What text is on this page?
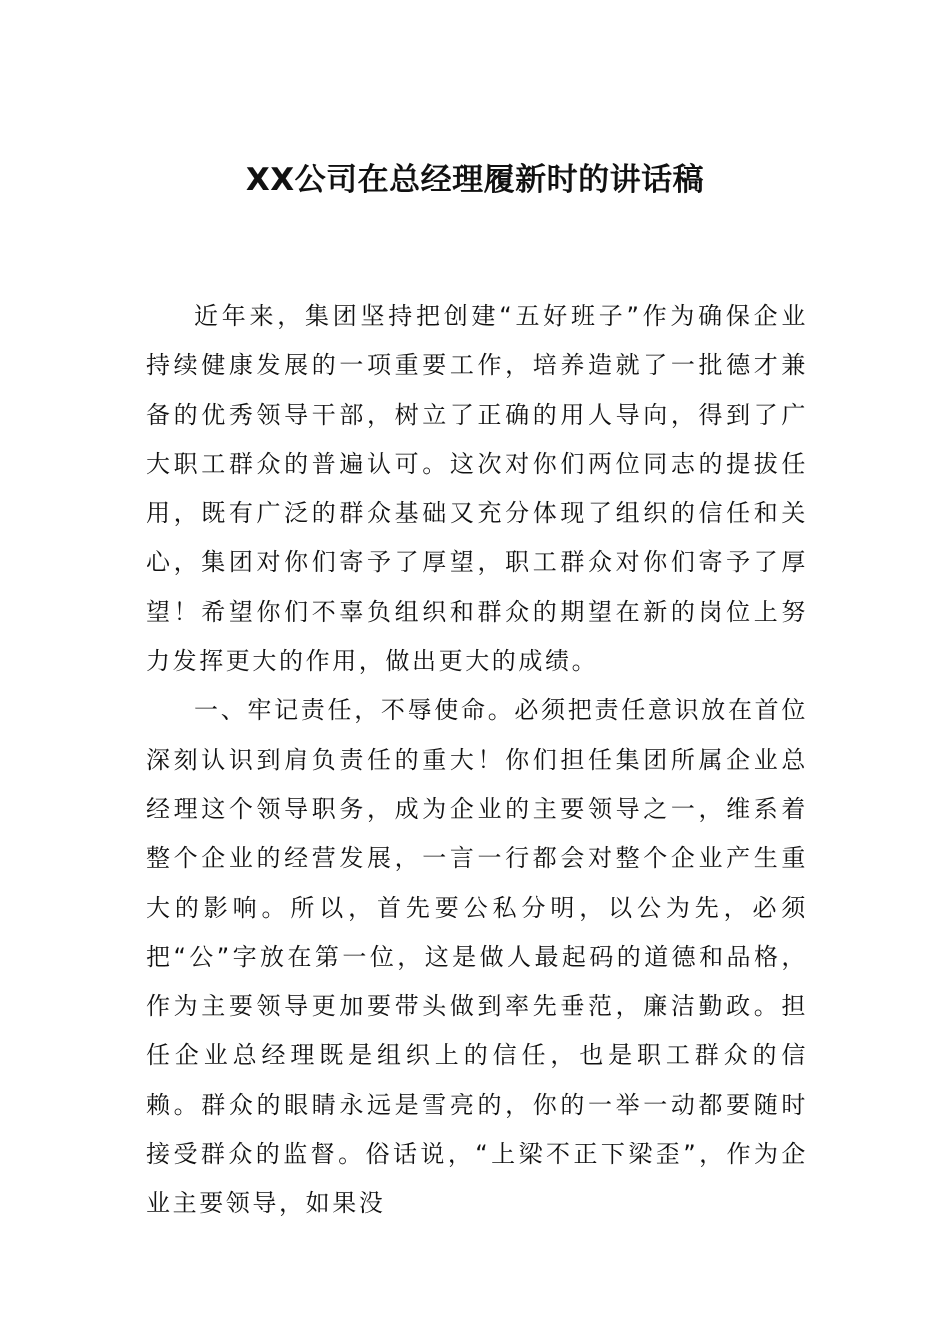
XX公司在总经理履新时的讲话稿

近年来，集团坚持把创建“五好班子”作为确保企业持续健康发展的一项重要工作，培养造就了一批德才兼备的优秀领导干部，树立了正确的用人导向，得到了广大职工群众的普遍认可。这次对你们两位同志的提拔任用，既有广泛的群众基础又充分体现了组织的信任和关心，集团对你们寄予了厚望，职工群众对你们寄予了厚望！希望你们不辜负组织和群众的期望在新的岗位上努力发挥更大的作用，做出更大的成绩。

一、牢记责任，不辱使命。必须把责任意识放在首位深刻认识到肩负责任的重大！你们担任集团所属企业总经理这个领导职务，成为企业的主要领导之一，维系着整个企业的经营发展，一言一行都会对整个企业产生重大的影响。所以，首先要公私分明，以公为先，必须把“公”字放在第一位，这是做人最起码的道德和品格，作为主要领导更加要带头做到率先垂范，廉洁勤政。担任企业总经理既是组织上的信任，也是职工群众的信赖。群众的眼睛永远是雪亮的，你的一举一动都要随时接受群众的监督。俗话说，“上梁不正下梁歪”，作为企业主要领导，如果没
